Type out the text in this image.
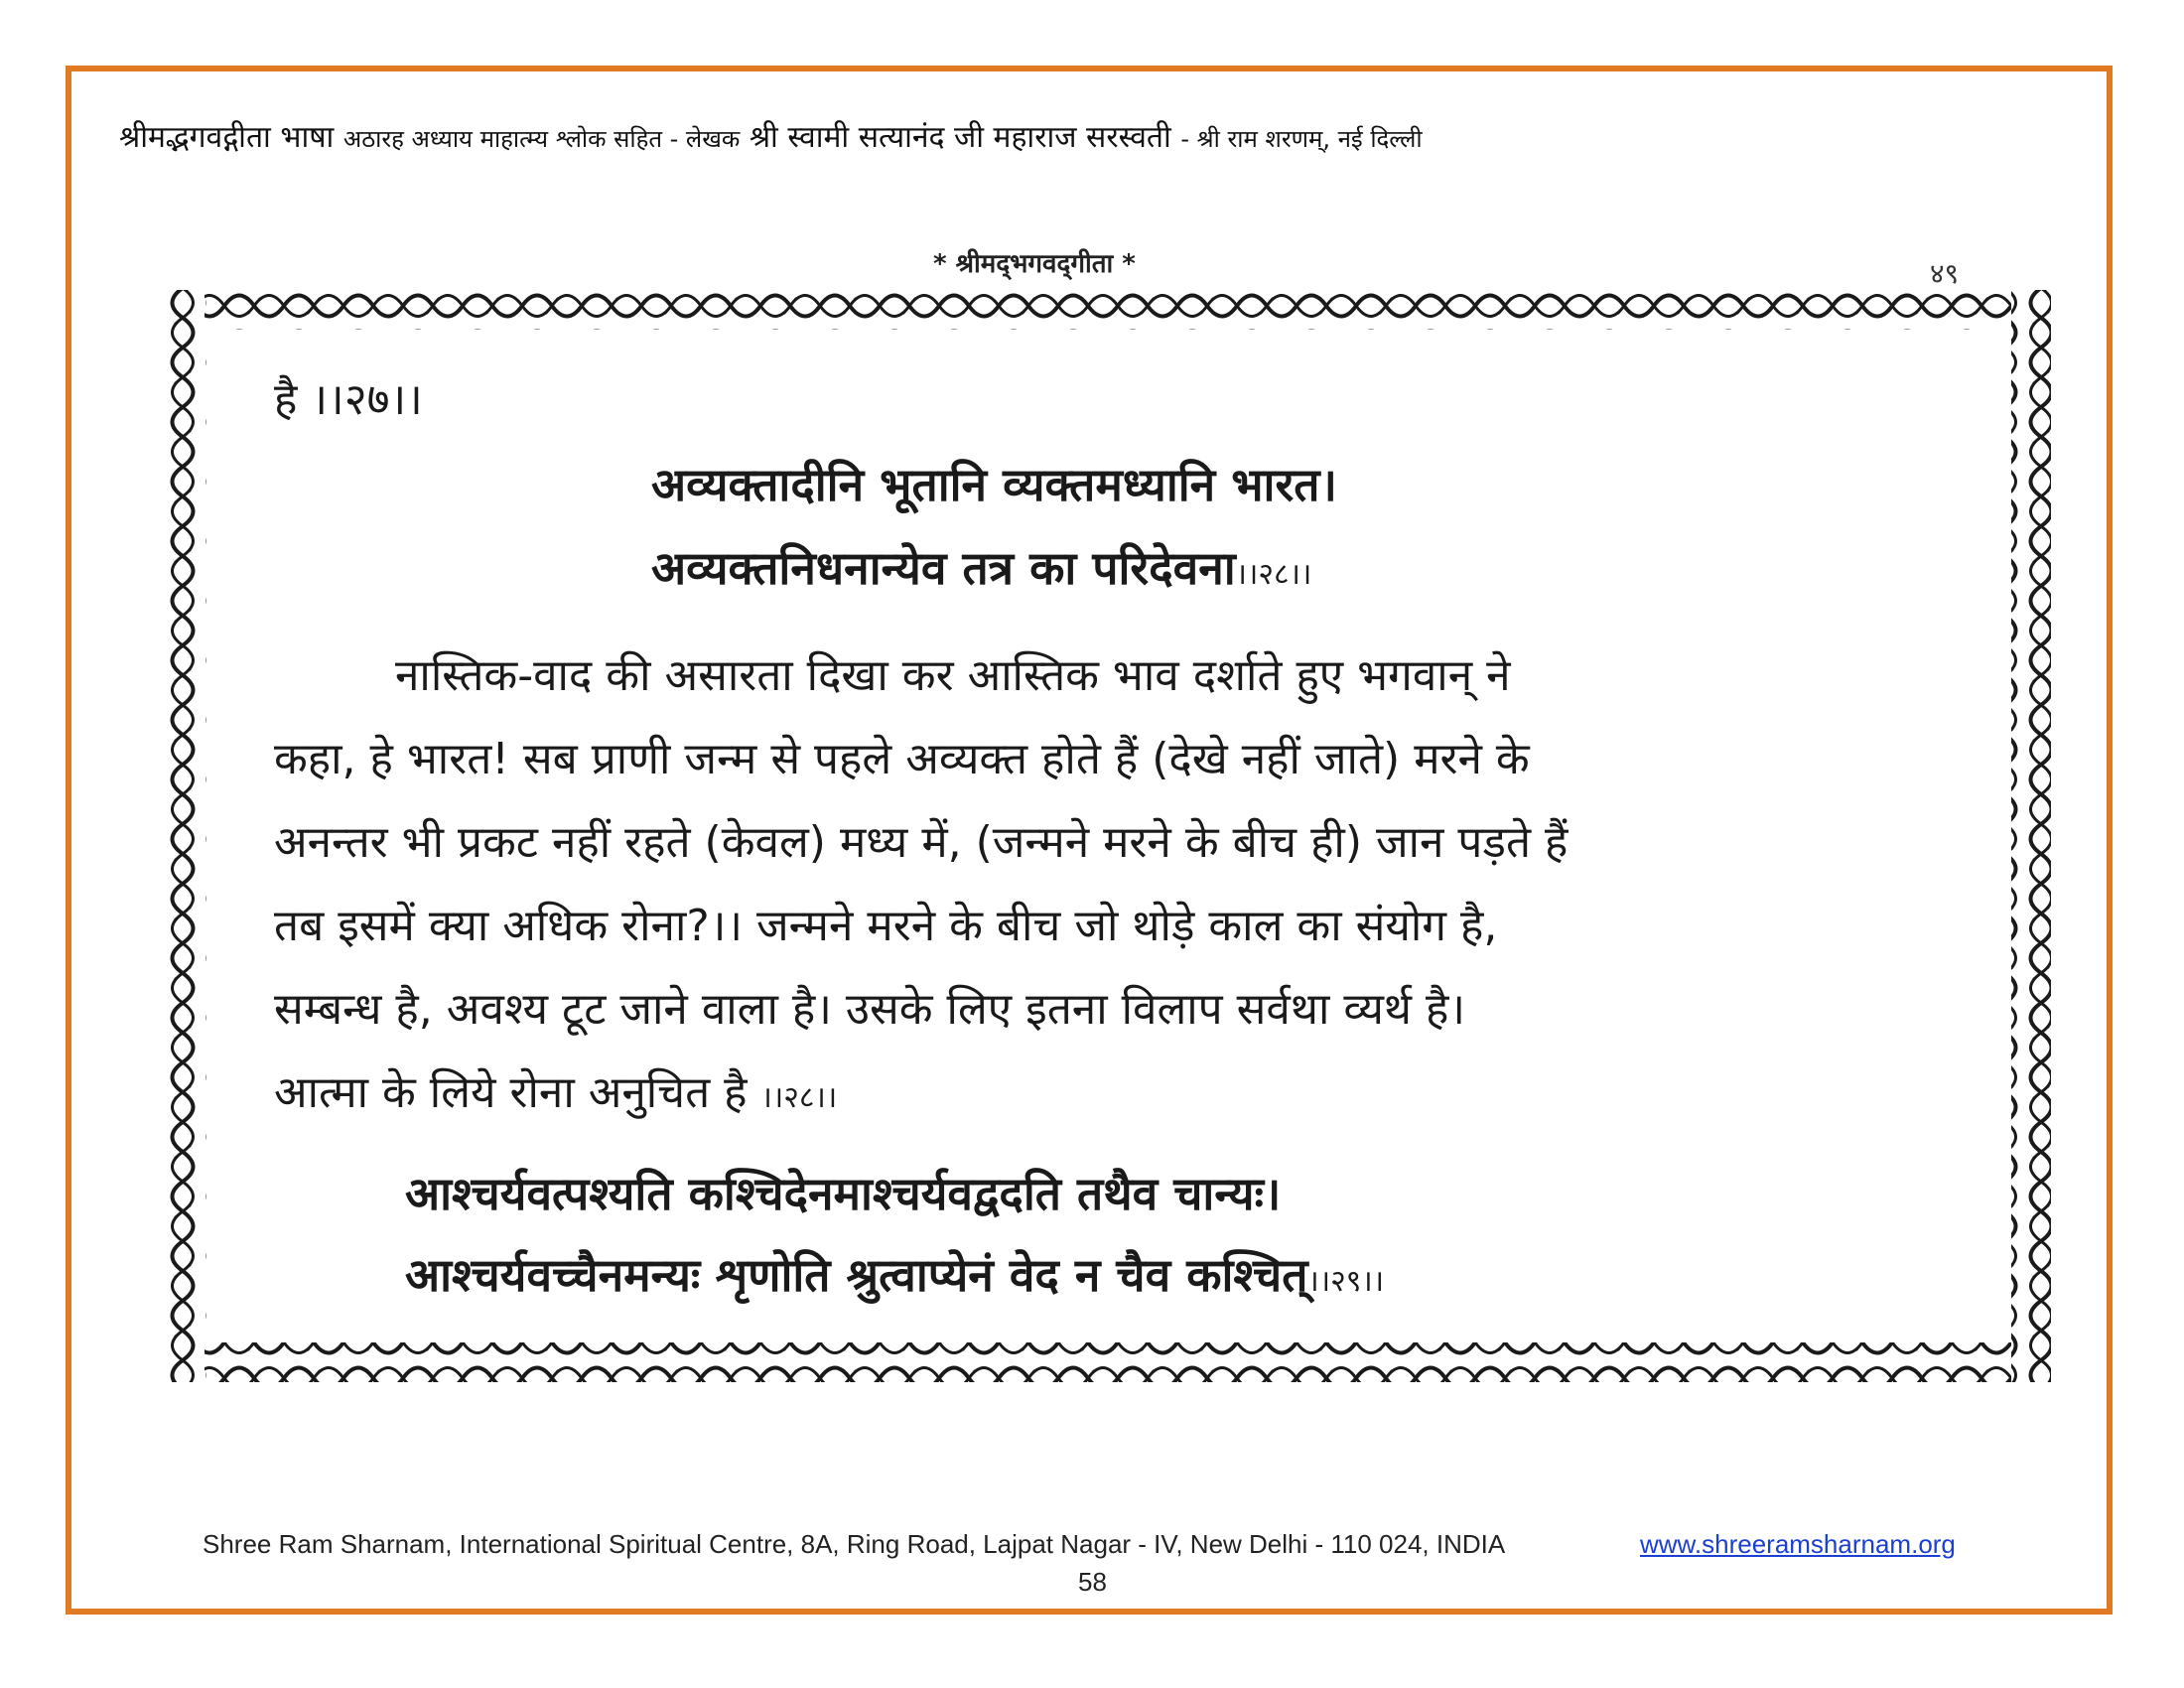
श्रीमद्भगवद्गीता भाषा अठारह अध्याय माहात्म्य श्लोक सहित - लेखक श्री स्वामी सत्यानंद जी महाराज सरस्वती - श्री राम शरणम्, नई दिल्ली
* श्रीमद्‌भगवद्‌गीता *	४९
है ।।२७।।
अव्यक्तादीनि भूतानि व्यक्तमध्यानि भारत।
अव्यक्तनिधनान्येव तत्र का परिदेवना।।२८।।
नास्तिक-वाद की असारता दिखा कर आस्तिक भाव दर्शाते हुए भगवान् ने
कहा, हे भारत! सब प्राणी जन्म से पहले अव्यक्त होते हैं (देखे नहीं जाते) मरने के
अनन्तर भी प्रकट नहीं रहते (केवल) मध्य में, (जन्मने मरने के बीच ही) जान पड़ते हैं
तब इसमें क्या अधिक रोना?।। जन्मने मरने के बीच जो थोड़े काल का संयोग है,
सम्बन्ध है, अवश्य टूट जाने वाला है। उसके लिए इतना विलाप सर्वथा व्यर्थ है।
आत्मा के लिये रोना अनुचित है ।।२८।।
आश्चर्यवत्पश्यति कश्चिदेनमाश्चर्यवद्वदति तथैव चान्यः।
आश्चर्यवच्चैनमन्यः शृणोति श्रुत्वाप्येनं वेद न चैव कश्चित्।।२९।।
Shree Ram Sharnam, International Spiritual Centre, 8A, Ring Road, Lajpat Nagar - IV, New Delhi - 110 024, INDIA	www.shreeramsharnam.org
58
